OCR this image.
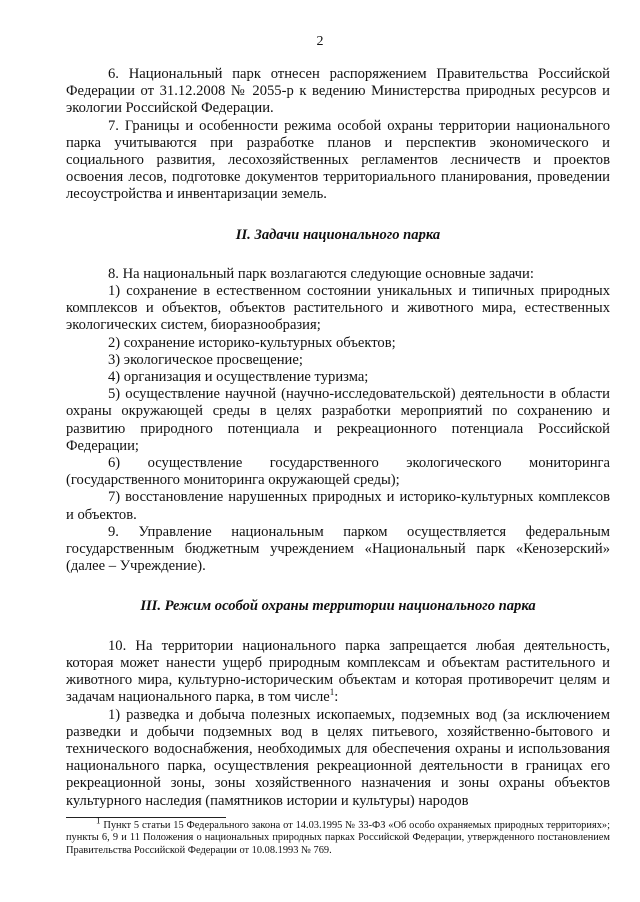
2

6. Национальный парк отнесен распоряжением Правительства Российской Федерации от 31.12.2008 № 2055-р к ведению Министерства природных ресурсов и экологии Российской Федерации.

7. Границы и особенности режима особой охраны территории национального парка учитываются при разработке планов и перспектив экономического и социального развития, лесохозяйственных регламентов лесничеств и проектов освоения лесов, подготовке документов территориального планирования, проведении лесоустройства и инвентаризации земель.

II. Задачи национального парка

8. На национальный парк возлагаются следующие основные задачи:

1) сохранение в естественном состоянии уникальных и типичных природных комплексов и объектов, объектов растительного и животного мира, естественных экологических систем, биоразнообразия;

2) сохранение историко-культурных объектов;

3) экологическое просвещение;

4) организация и осуществление туризма;

5) осуществление научной (научно-исследовательской) деятельности в области охраны окружающей среды в целях разработки мероприятий по сохранению и развитию природного потенциала и рекреационного потенциала Российской Федерации;

6) осуществление государственного экологического мониторинга (государственного мониторинга окружающей среды);

7) восстановление нарушенных природных и историко-культурных комплексов и объектов.

9. Управление национальным парком осуществляется федеральным государственным бюджетным учреждением «Национальный парк «Кенозерский» (далее – Учреждение).

III. Режим особой охраны территории национального парка

10. На территории национального парка запрещается любая деятельность, которая может нанести ущерб природным комплексам и объектам растительного и животного мира, культурно-историческим объектам и которая противоречит целям и задачам национального парка, в том числе$^1$:

1) разведка и добыча полезных ископаемых, подземных вод (за исключением разведки и добычи подземных вод в целях питьевого, хозяйственно-бытового и технического водоснабжения, необходимых для обеспечения охраны и использования национального парка, осуществления рекреационной деятельности в границах его рекреационной зоны, зоны хозяйственного назначения и зоны охраны объектов культурного наследия (памятников истории и культуры) народов

$^1$ Пункт 5 статьи 15 Федерального закона от 14.03.1995 № 33-ФЗ «Об особо охраняемых природных территориях»; пункты 6, 9 и 11 Положения о национальных природных парках Российской Федерации, утвержденного постановлением Правительства Российской Федерации от 10.08.1993 № 769.
